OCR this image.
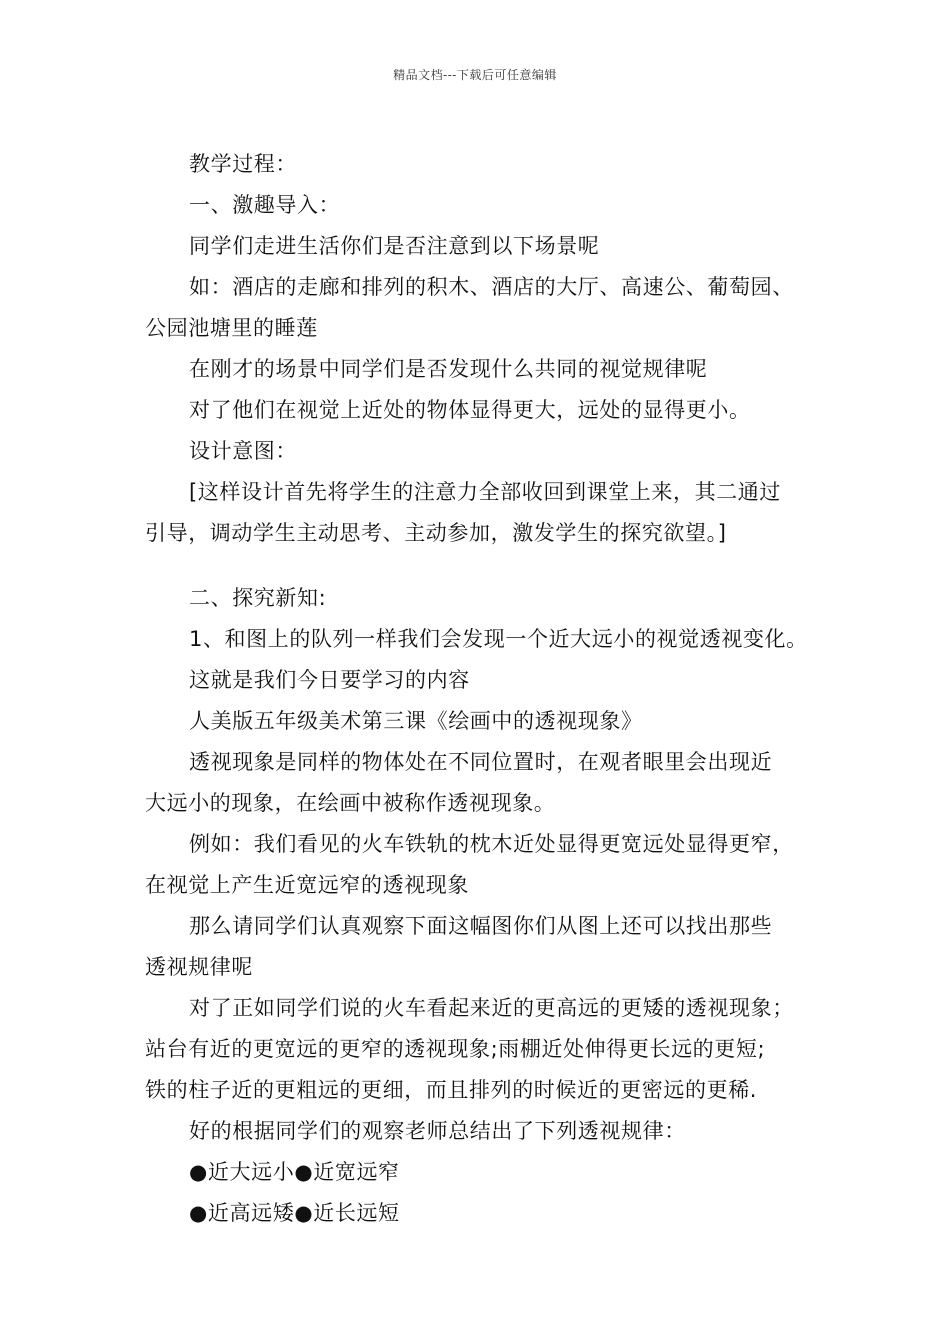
精品文档---下载后可任意编辑
教学过程：
一、激趣导入：
同学们走进生活你们是否注意到以下场景呢
如：酒店的走廊和排列的积木、酒店的大厅、高速公、葡萄园、
公园池塘里的睡莲
在刚才的场景中同学们是否发现什么共同的视觉规律呢
对了他们在视觉上近处的物体显得更大，远处的显得更小。
设计意图：
[这样设计首先将学生的注意力全部收回到课堂上来，其二通过
引导，调动学生主动思考、主动参加，激发学生的探究欲望。]
二、探究新知:
1、和图上的队列一样我们会发现一个近大远小的视觉透视变化。
这就是我们今日要学习的内容
人美版五年级美术第三课《绘画中的透视现象》
透视现象是同样的物体处在不同位置时，在观者眼里会出现近
大远小的现象，在绘画中被称作透视现象。
例如：我们看见的火车铁轨的枕木近处显得更宽远处显得更窄，
在视觉上产生近宽远窄的透视现象
那么请同学们认真观察下面这幅图你们从图上还可以找出那些
透视规律呢
对了正如同学们说的火车看起来近的更高远的更矮的透视现象；
站台有近的更宽远的更窄的透视现象;雨棚近处伸得更长远的更短;
铁的柱子近的更粗远的更细，而且排列的时候近的更密远的更稀.
好的根据同学们的观察老师总结出了下列透视规律：
●近大远小●近宽远窄
●近高远矮●近长远短
